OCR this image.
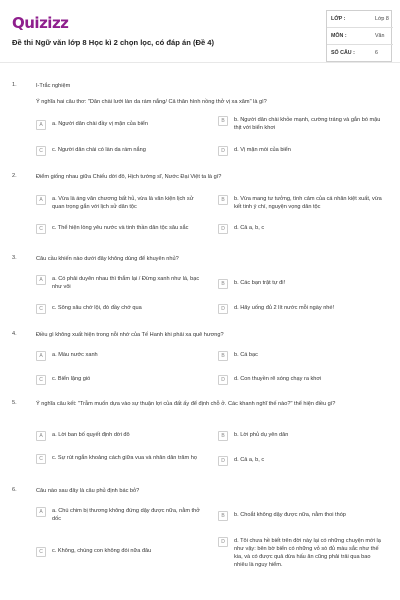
Quizizz
Đề thi Ngữ văn lớp 8 Học kì 2 chọn lọc, có đáp án (Đề 4)
LỚP :	Lớp 8
MÔN :	Văn
SỐ CÂU :	6
1.	I-Trắc nghiệm
Ý nghĩa hai câu thơ: "Dân chài lưới làn da rám nắng/ Cả thân hình nồng thở vị xa xăm" là gì?
A	a. Người dân chài đầy vị mặn của biển	B	b. Người dân chài khỏe mạnh, cường tráng và gắn bó mậu thịt với biển khơi
C	c. Người dân chài có làn da rám nắng	D	d. Vị mặn mòi của biển
2.	Điểm giống nhau giữa Chiếu dời đô, Hịch tướng sĩ, Nước Đại Việt ta là gì?
A	a. Vừa là áng văn chương bất hủ, vừa là văn kiện lịch sử quan trọng gắn với lịch sử dân tộc
B	b. Vừa mang tư tưởng, tình cảm của cá nhân kiệt xuất, vừa kết tinh ý chí, nguyện vọng dân tộc
C	c. Thể hiện lòng yêu nước và tinh thần dân tộc sâu sắc	D	d. Cả a, b, c
3.	Câu cầu khiến nào dưới đây không dùng để khuyên nhủ?
A	a. Có phải duyên nhau thì thắm lại / Đừng xanh như lá, bạc như vôi	B	b. Các bạn trật tự đi!
C	c. Sông sâu chớ lội, đò đầy chớ qua	D	d. Hãy uống đủ 2 lít nước mỗi ngày nhé!
4.	Điều gì không xuất hiện trong nỗi nhớ của Tế Hanh khi phải xa quê hương?
A	a. Màu nước xanh	B	b. Cá bạc
C	c. Biển lặng gió	D	d. Con thuyền rẽ sóng chạy ra khơi
5.	Ý nghĩa câu kết: "Trẫm muốn dựa vào sự thuận lợi của đất ấy để định chỗ ở. Các khanh nghĩ thế nào?" thể hiện điều gì?
A	a. Lời ban bố quyết định dời đô	B	b. Lời phủ dụ yên dân
C	c. Sự rút ngắn khoảng cách giữa vua và nhân dân trăm họ	D	d. Cả a, b, c
6.	Câu nào sau đây là câu phủ định bác bỏ?
A	a. Chú chim bị thương không đứng dậy được nữa, nằm thở dốc	B	b. Choắt không dậy được nữa, nằm thoi thóp
C	c. Không, chúng con không đói nữa đâu
D	d. Tôi chưa hề biết trên đời này lại có những chuyện mới lạ như vậy: bên bờ biển có những vỏ sò đủ màu sắc như thế kia, và có được quả dừa hấu ăn cũng phải trải qua bao nhiêu là nguy hiểm.
